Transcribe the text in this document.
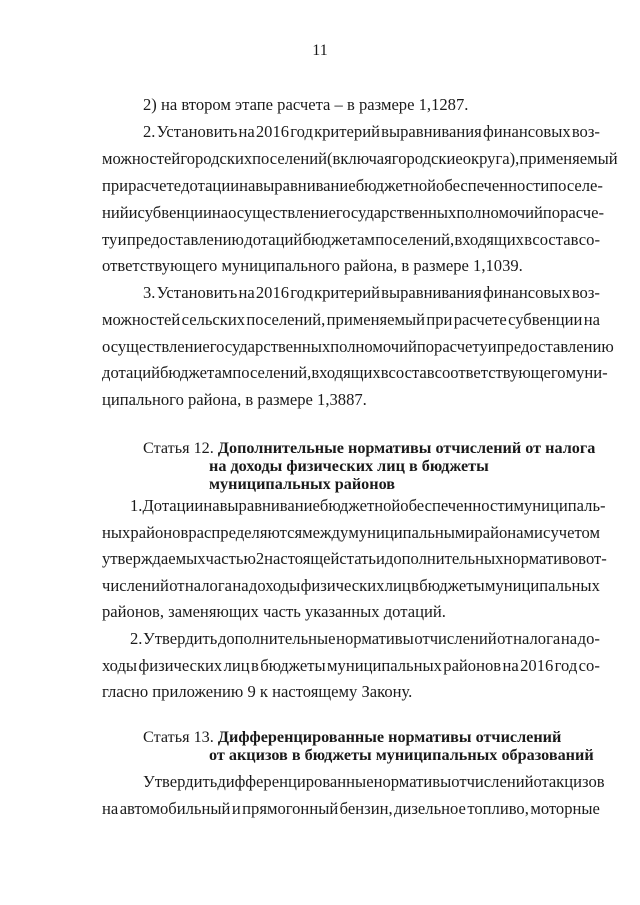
11
2) на втором этапе расчета – в размере 1,1287.
2. Установить на 2016 год критерий выравнивания финансовых воз-
можностей городских поселений (включая городские округа), применяемый
при расчете дотации на выравнивание бюджетной обеспеченности поселе-
ний и субвенции на осуществление государственных полномочий по расче-
ту и предоставлению дотаций бюджетам поселений, входящих в состав со-
ответствующего муниципального района, в размере 1,1039.
3. Установить на 2016 год критерий выравнивания финансовых воз-
можностей сельских поселений, применяемый при расчете субвенции на
осуществление государственных полномочий по расчету и предоставлению
дотаций бюджетам поселений, входящих в состав соответствующего муни-
ципального района, в размере 1,3887.
Статья 12. Дополнительные нормативы отчислений от налога
на доходы физических лиц в бюджеты
муниципальных районов
1. Дотации на выравнивание бюджетной обеспеченности муниципаль-
ных районов распределяются между муниципальными районами с учетом
утверждаемых частью 2 настоящей статьи дополнительных нормативов от-
числений от налога на доходы физических лиц в бюджеты муниципальных
районов, заменяющих часть указанных дотаций.
2. Утвердить дополнительные нормативы отчислений от налога на до-
ходы физических лиц в бюджеты муниципальных районов на 2016 год со-
гласно приложению 9 к настоящему Закону.
Статья 13. Дифференцированные нормативы отчислений
от акцизов в бюджеты муниципальных образований
Утвердить дифференцированные нормативы отчислений от акцизов
на автомобильный и прямогонный бензин, дизельное топливо, моторные
